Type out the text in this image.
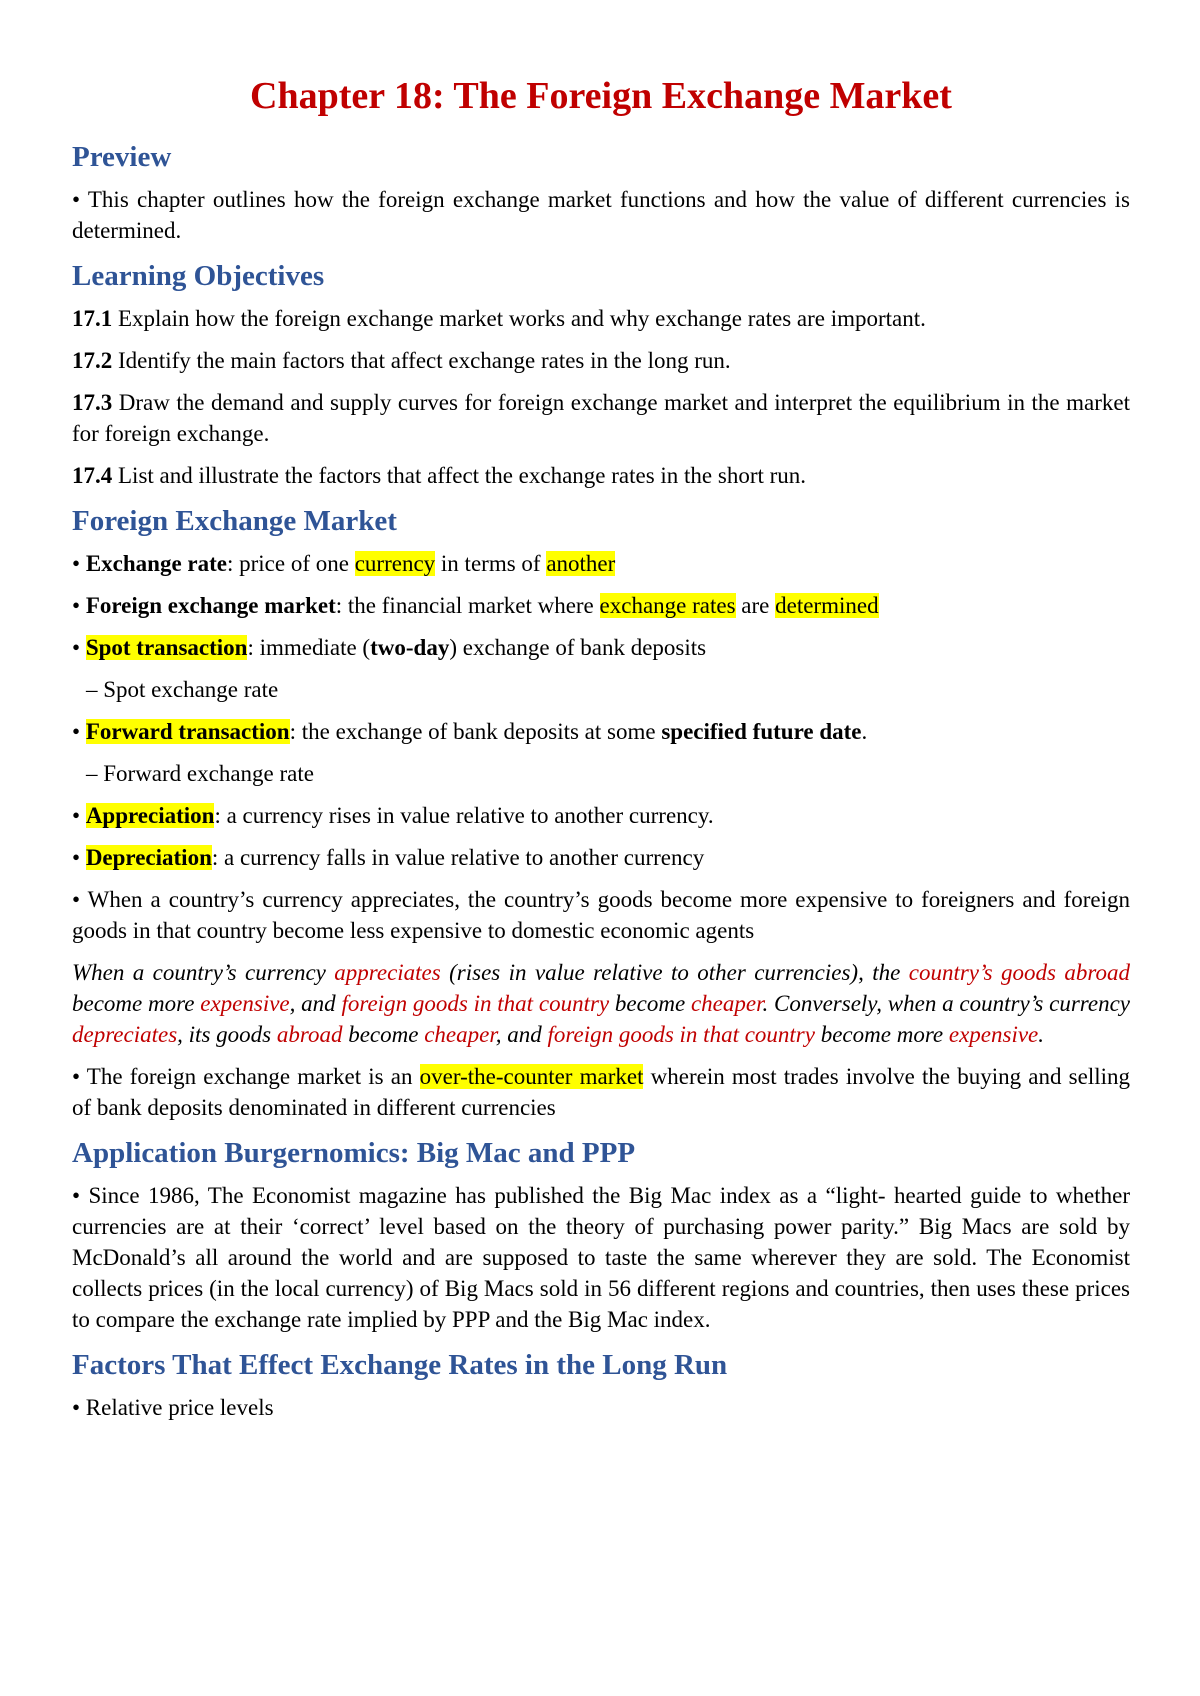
Chapter 18: The Foreign Exchange Market
Preview

• This chapter outlines how the foreign exchange market functions and how the value of different currencies is determined.

Learning Objectives

17.1 Explain how the foreign exchange market works and why exchange rates are important.

17.2 Identify the main factors that affect exchange rates in the long run.

17.3 Draw the demand and supply curves for foreign exchange market and interpret the equilibrium in the market for foreign exchange.

17.4 List and illustrate the factors that affect the exchange rates in the short run.

Foreign Exchange Market

• Exchange rate: price of one currency in terms of another

• Foreign exchange market: the financial market where exchange rates are determined

• Spot transaction: immediate (two-day) exchange of bank deposits

– Spot exchange rate

• Forward transaction: the exchange of bank deposits at some specified future date.

– Forward exchange rate

• Appreciation: a currency rises in value relative to another currency.

• Depreciation: a currency falls in value relative to another currency

• When a country’s currency appreciates, the country’s goods become more expensive to foreigners and foreign goods in that country become less expensive to domestic economic agents

When a country’s currency appreciates (rises in value relative to other currencies), the country’s goods abroad become more expensive, and foreign goods in that country become cheaper. Conversely, when a country’s currency depreciates, its goods abroad become cheaper, and foreign goods in that country become more expensive.

• The foreign exchange market is an over-the-counter market wherein most trades involve the buying and selling of bank deposits denominated in different currencies

Application Burgernomics: Big Mac and PPP

• Since 1986, The Economist magazine has published the Big Mac index as a “light- hearted guide to whether currencies are at their ‘correct’ level based on the theory of purchasing power parity.” Big Macs are sold by McDonald’s all around the world and are supposed to taste the same wherever they are sold. The Economist collects prices (in the local currency) of Big Macs sold in 56 different regions and countries, then uses these prices to compare the exchange rate implied by PPP and the Big Mac index.

Factors That Effect Exchange Rates in the Long Run

• Relative price levels
